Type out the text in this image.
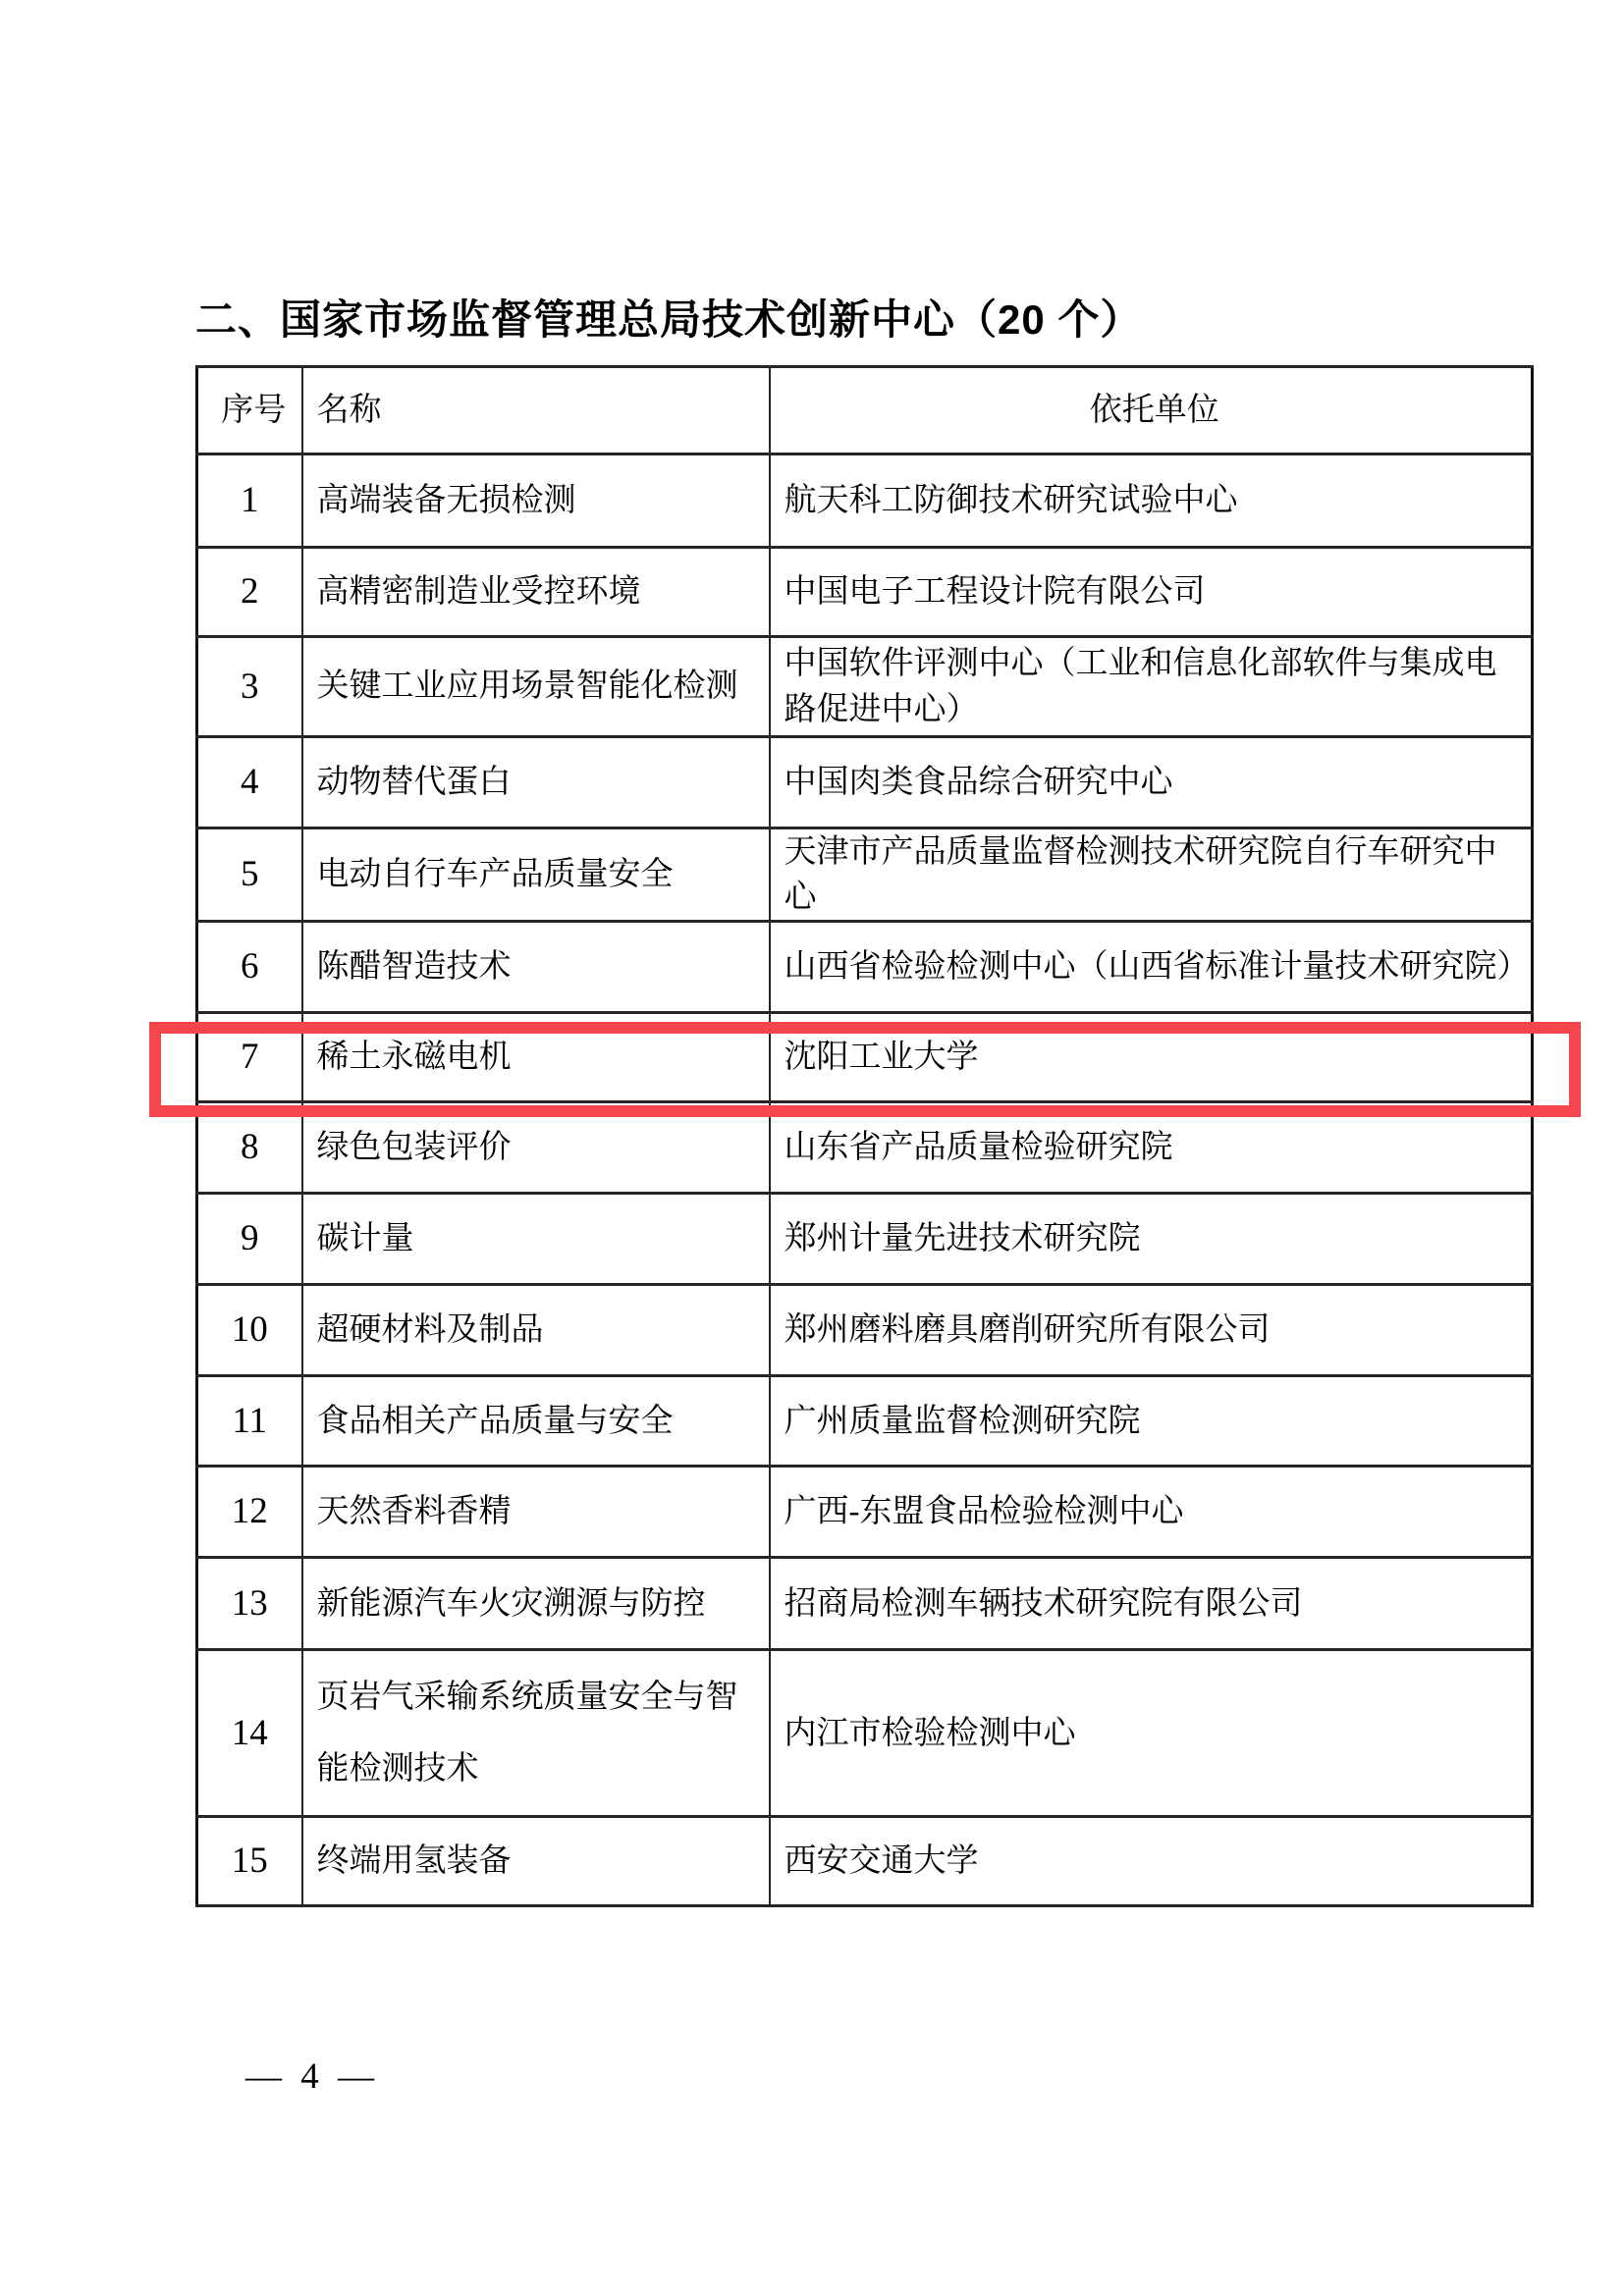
二、国家市场监督管理总局技术创新中心（20 个）
序号	名称	依托单位
1	高端装备无损检测	航天科工防御技术研究试验中心
2	高精密制造业受控环境	中国电子工程设计院有限公司
3	关键工业应用场景智能化检测	中国软件评测中心（工业和信息化部软件与集成电路促进中心）
4	动物替代蛋白	中国肉类食品综合研究中心
5	电动自行车产品质量安全	天津市产品质量监督检测技术研究院自行车研究中心
6	陈醋智造技术	山西省检验检测中心（山西省标准计量技术研究院）
7	稀土永磁电机	沈阳工业大学
8	绿色包装评价	山东省产品质量检验研究院
9	碳计量	郑州计量先进技术研究院
10	超硬材料及制品	郑州磨料磨具磨削研究所有限公司
11	食品相关产品质量与安全	广州质量监督检测研究院
12	天然香料香精	广西-东盟食品检验检测中心
13	新能源汽车火灾溯源与防控	招商局检测车辆技术研究院有限公司
14	页岩气采输系统质量安全与智能检测技术	内江市检验检测中心
15	终端用氢装备	西安交通大学
— 4 —
